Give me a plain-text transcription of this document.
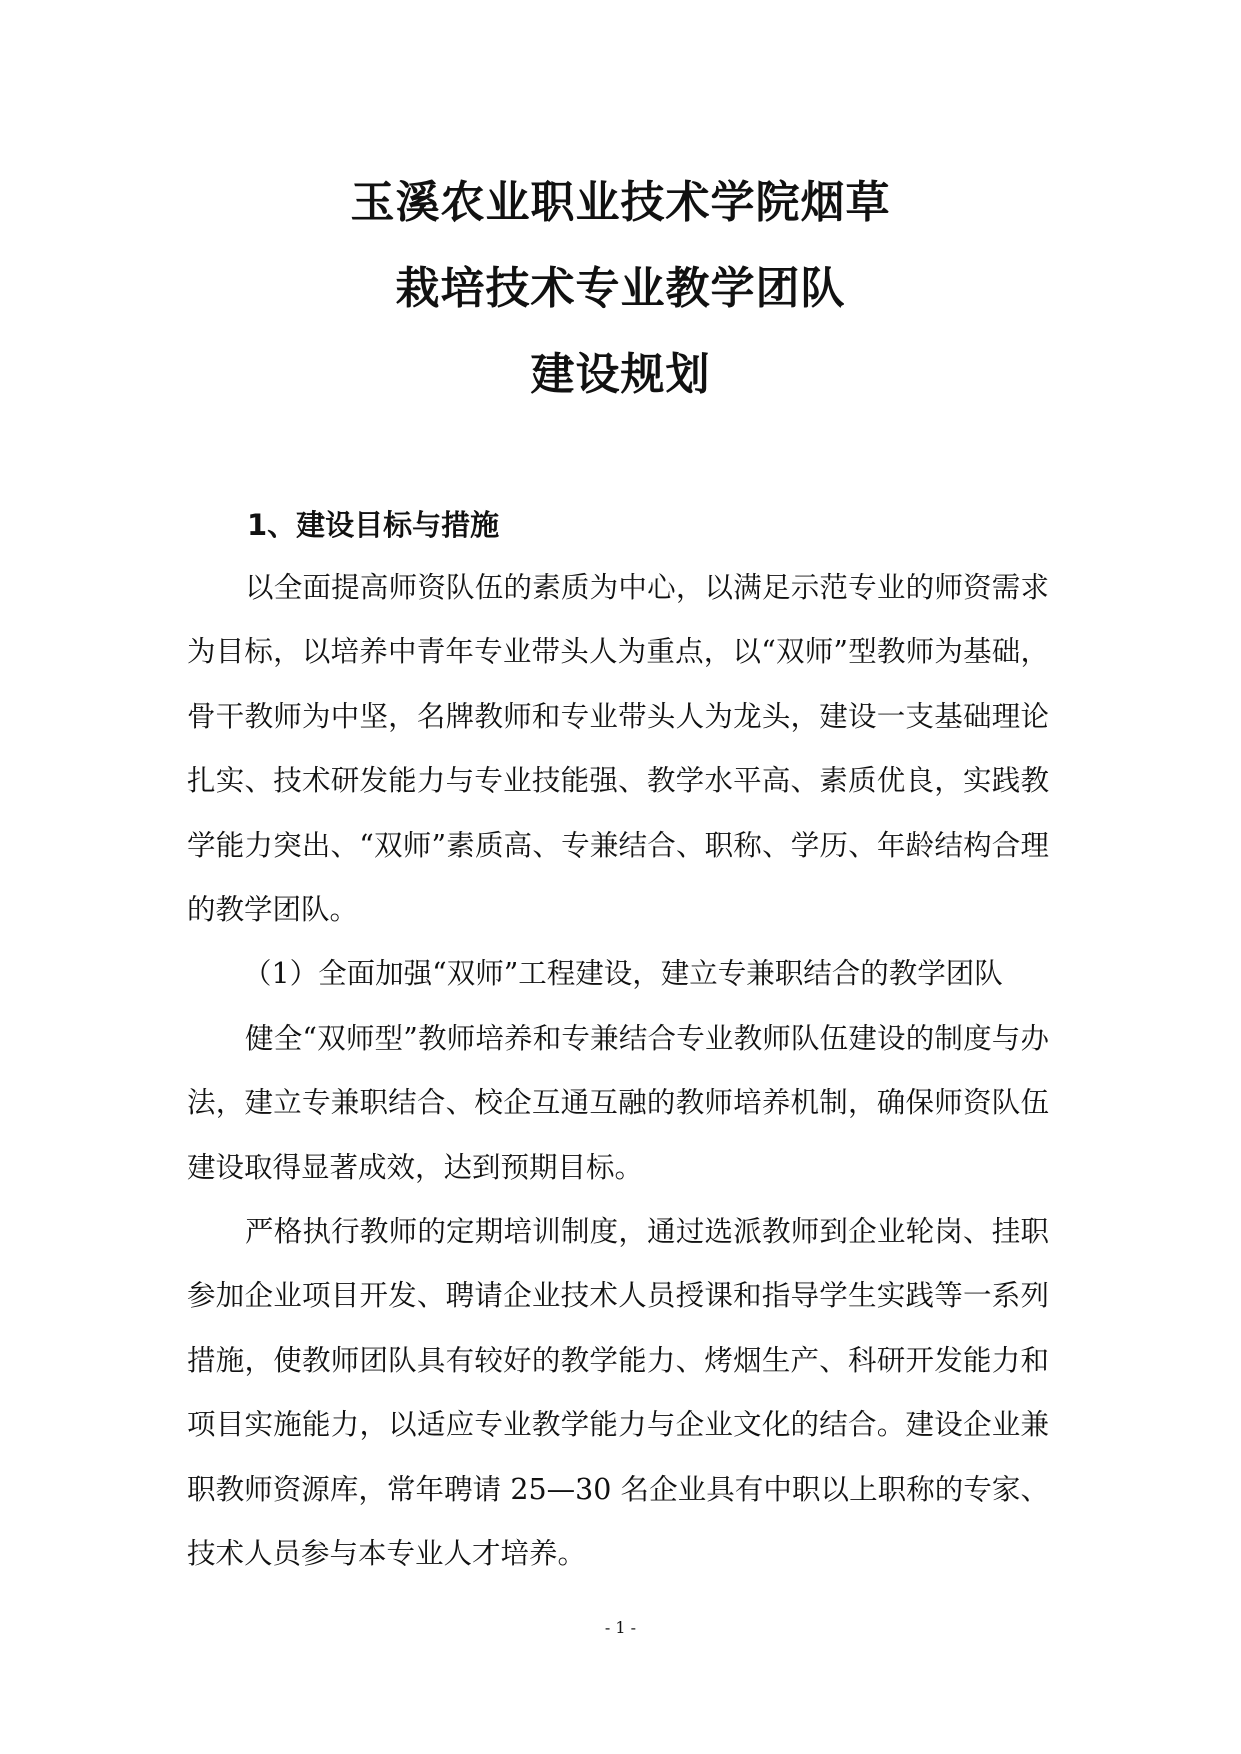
玉溪农业职业技术学院烟草
栽培技术专业教学团队
建设规划
1、建设目标与措施

以全面提高师资队伍的素质为中心，以满足示范专业的师资需求为目标，以培养中青年专业带头人为重点，以“双师”型教师为基础，骨干教师为中坚，名牌教师和专业带头人为龙头，建设一支基础理论扎实、技术研发能力与专业技能强、教学水平高、素质优良，实践教学能力突出、“双师”素质高、专兼结合、职称、学历、年龄结构合理的教学团队。

（1）全面加强“双师”工程建设，建立专兼职结合的教学团队

健全“双师型”教师培养和专兼结合专业教师队伍建设的制度与办法，建立专兼职结合、校企互通互融的教师培养机制，确保师资队伍建设取得显著成效，达到预期目标。

严格执行教师的定期培训制度，通过选派教师到企业轮岗、挂职参加企业项目开发、聘请企业技术人员授课和指导学生实践等一系列措施，使教师团队具有较好的教学能力、烤烟生产、科研开发能力和项目实施能力，以适应专业教学能力与企业文化的结合。建设企业兼职教师资源库，常年聘请 25—30 名企业具有中职以上职称的专家、技术人员参与本专业人才培养。

- 1 -
